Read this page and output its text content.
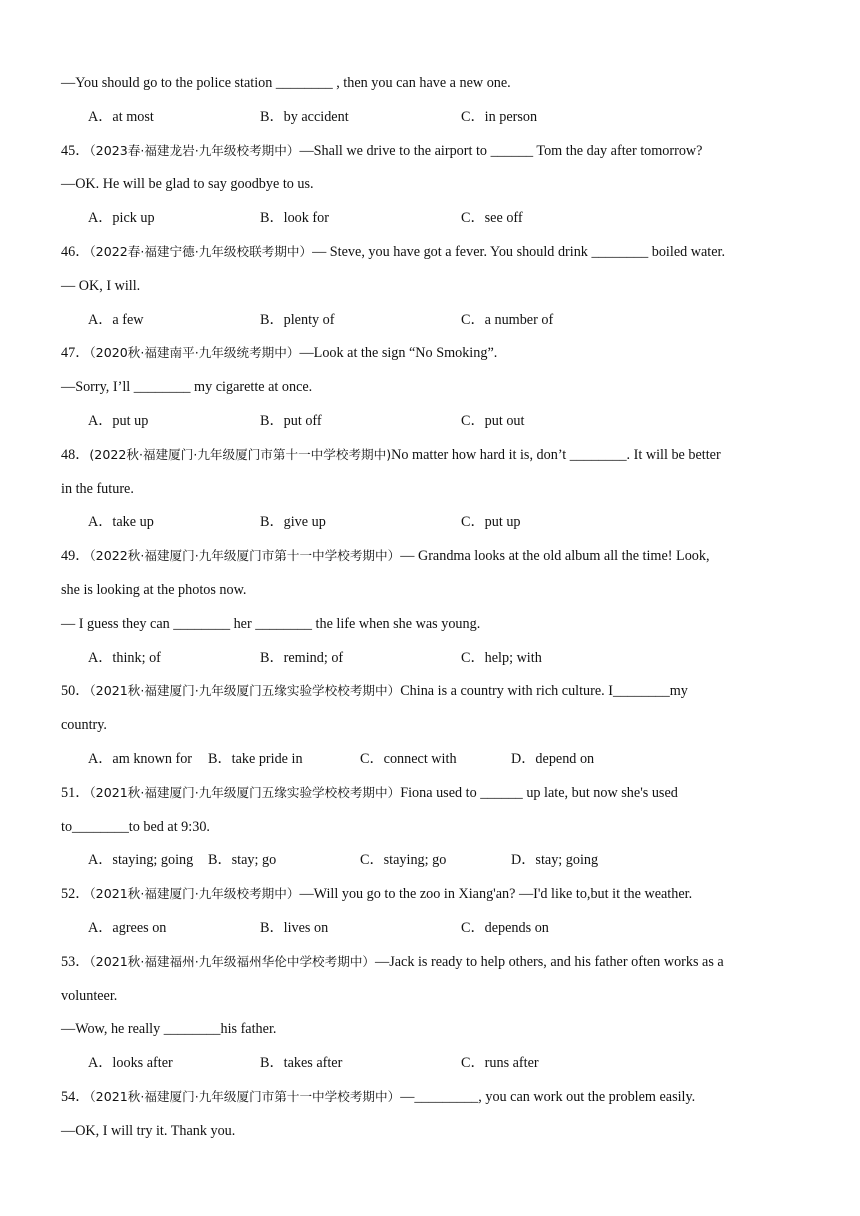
—You should go to the police station ________ , then you can have a new one.
A．at most	B．by accident	C．in person
45．（2023春·福建龙岩·九年级校考期中）—Shall we drive to the airport to ______ Tom the day after tomorrow?
—OK. He will be glad to say goodbye to us.
A．pick up	B．look for	C．see off
46．（2022春·福建宁德·九年级校联考期中）— Steve, you have got a fever. You should drink ________ boiled water.
— OK, I will.
A．a few	B．plenty of	C．a number of
47．（2020秋·福建南平·九年级统考期中）—Look at the sign “No Smoking”.
—Sorry, I’ll ________ my cigarette at once.
A．put up	B．put off	C．put out
48．(2022秋·福建厦门·九年级厦门市第十一中学校考期中)No matter how hard it is, don’t ________. It will be better
in the future.
A．take up	B．give up	C．put up
49．（2022秋·福建厦门·九年级厦门市第十一中学校考期中）— Grandma looks at the old album all the time! Look,
she is looking at the photos now.
— I guess they can ________ her ________ the life when she was young.
A．think; of	B．remind; of	C．help; with
50．（2021秋·福建厦门·九年级厦门五缘实验学校校考期中）China is a country with rich culture. I________my
country.
A．am known for B．take pride in	C．connect with	D．depend on
51．（2021秋·福建厦门·九年级厦门五缘实验学校校考期中）Fiona used to ______ up late, but now she's used
to________to bed at 9:30.
A．staying; going B．stay; go	C．staying; go	D．stay; going
52．（2021秋·福建厦门·九年级校考期中）—Will you go to the zoo in Xiang'an? —I'd like to,but it the weather.
A．agrees on	B．lives on	C．depends on
53．（2021秋·福建福州·九年级福州华伦中学校考期中）—Jack is ready to help others, and his father often works as a
volunteer.
—Wow, he really ________his father.
A．looks after	B．takes after	C．runs after
54．（2021秋·福建厦门·九年级厦门市第十一中学校考期中）—_________, you can work out the problem easily.
—OK, I will try it. Thank you.
